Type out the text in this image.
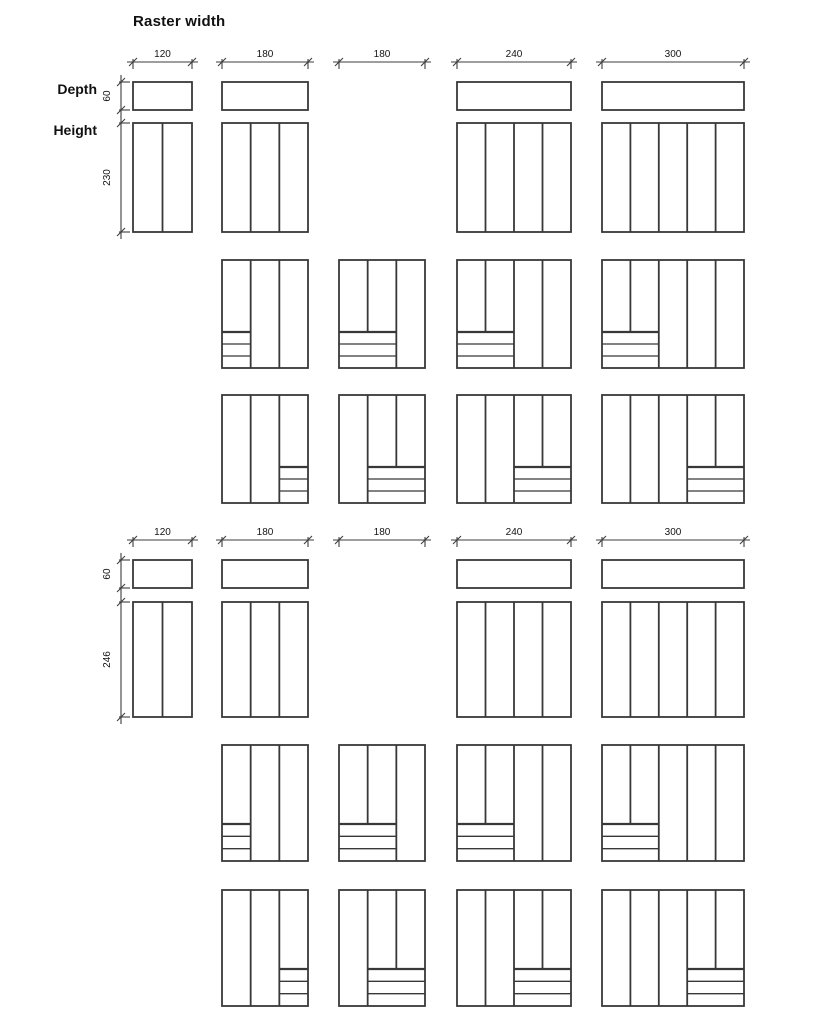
Raster width
Depth
Height
120	180	180	240	300
60
230
120	180	180	240	300
60
246
